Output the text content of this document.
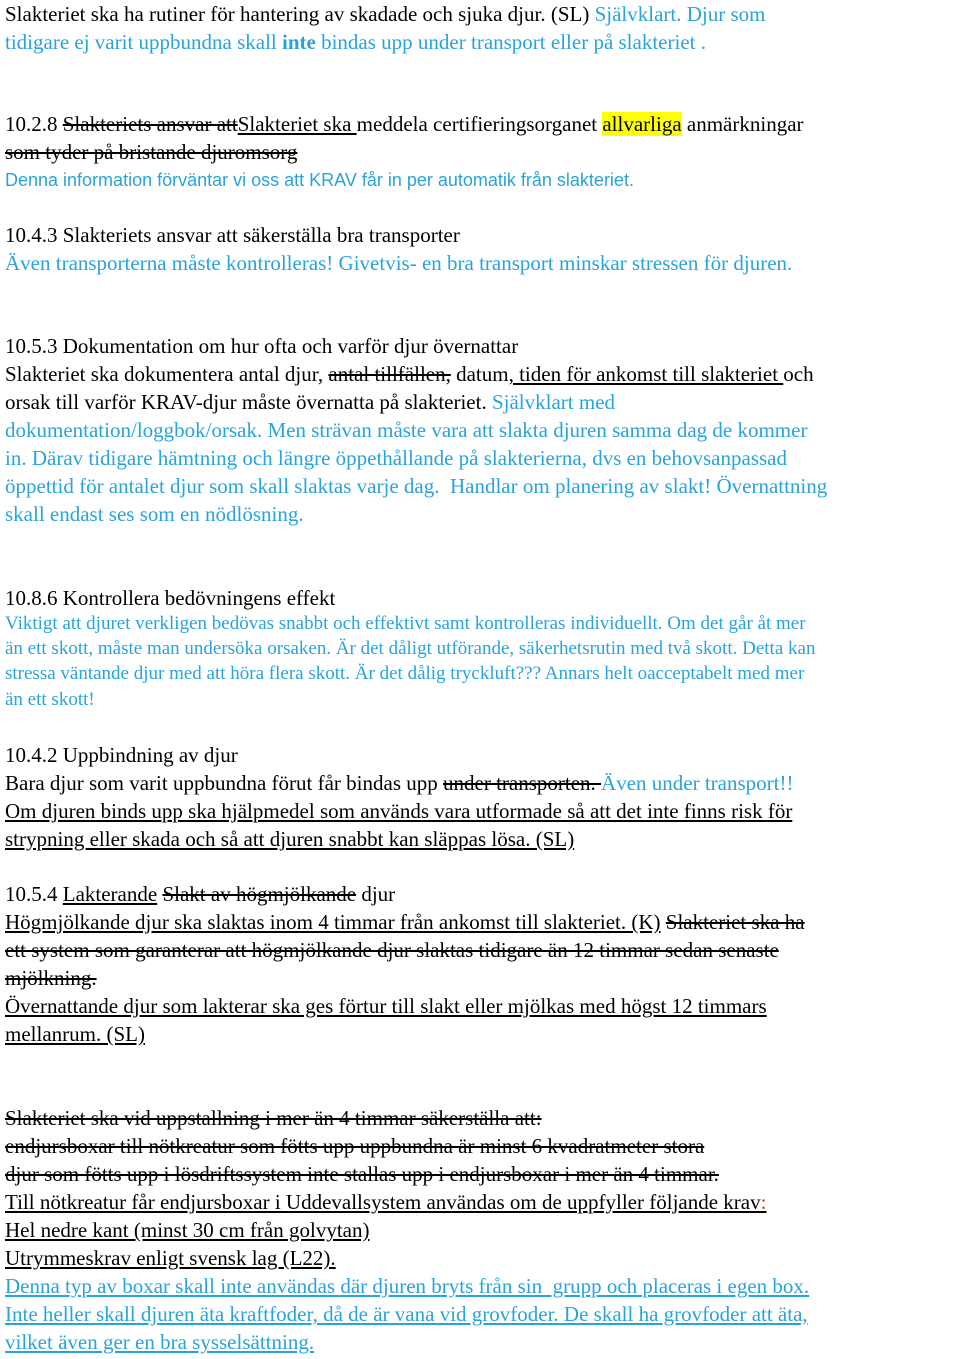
Slakteriet ska ha rutiner för hantering av skadade och sjuka djur. (SL) Självklart. Djur som
tidigare ej varit uppbundna skall inte bindas upp under transport eller på slakteriet .
10.2.8 Slakteriets ansvar attSlakteriet ska meddela certifieringsorganet allvarliga anmärkningar
som tyder på bristande djuromsorg
Denna information förväntar vi oss att KRAV får in per automatik från slakteriet.
10.4.3 Slakteriets ansvar att säkerställa bra transporter
Även transporterna måste kontrolleras! Givetvis- en bra transport minskar stressen för djuren.
10.5.3 Dokumentation om hur ofta och varför djur övernattar
Slakteriet ska dokumentera antal djur, antal tillfällen, datum, tiden för ankomst till slakteriet och
orsak till varför KRAV-djur måste övernatta på slakteriet. Självklart med
dokumentation/loggbok/orsak. Men strävan måste vara att slakta djuren samma dag de kommer
in. Därav tidigare hämtning och längre öppethållande på slakterierna, dvs en behovsanpassad
öppettid för antalet djur som skall slaktas varje dag.  Handlar om planering av slakt! Övernattning
skall endast ses som en nödlösning.
10.8.6 Kontrollera bedövningens effekt
Viktigt att djuret verkligen bedövas snabbt och effektivt samt kontrolleras individuellt. Om det går åt mer
än ett skott, måste man undersöka orsaken. Är det dåligt utförande, säkerhetsrutin med två skott. Detta kan
stressa väntande djur med att höra flera skott. Är det dålig tryckluft??? Annars helt oacceptabelt med mer
än ett skott!
10.4.2 Uppbindning av djur
Bara djur som varit uppbundna förut får bindas upp under transporten. Även under transport!!
Om djuren binds upp ska hjälpmedel som används vara utformade så att det inte finns risk för
strypning eller skada och så att djuren snabbt kan släppas lösa. (SL)
10.5.4 Lakterande Slakt av högmjölkande djur
Högmjölkande djur ska slaktas inom 4 timmar från ankomst till slakteriet. (K) Slakteriet ska ha
ett system som garanterar att högmjölkande djur slaktas tidigare än 12 timmar sedan senaste
mjölkning.
Övernattande djur som lakterar ska ges förtur till slakt eller mjölkas med högst 12 timmars
mellanrum. (SL)
Slakteriet ska vid uppstallning i mer än 4 timmar säkerställa att:
endjursboxar till nötkreatur som fötts upp uppbundna är minst 6 kvadratmeter stora
djur som fötts upp i lösdriftssystem inte stallas upp i endjursboxar i mer än 4 timmar.
Till nötkreatur får endjursboxar i Uddevallsystem användas om de uppfyller följande krav:
Hel nedre kant (minst 30 cm från golvytan)
Utrymmeskrav enligt svensk lag (L22).
Denna typ av boxar skall inte användas där djuren bryts från sin  grupp och placeras i egen box.
Inte heller skall djuren äta kraftfoder, då de är vana vid grovfoder. De skall ha grovfoder att äta,
vilket även ger en bra sysselsättning.
